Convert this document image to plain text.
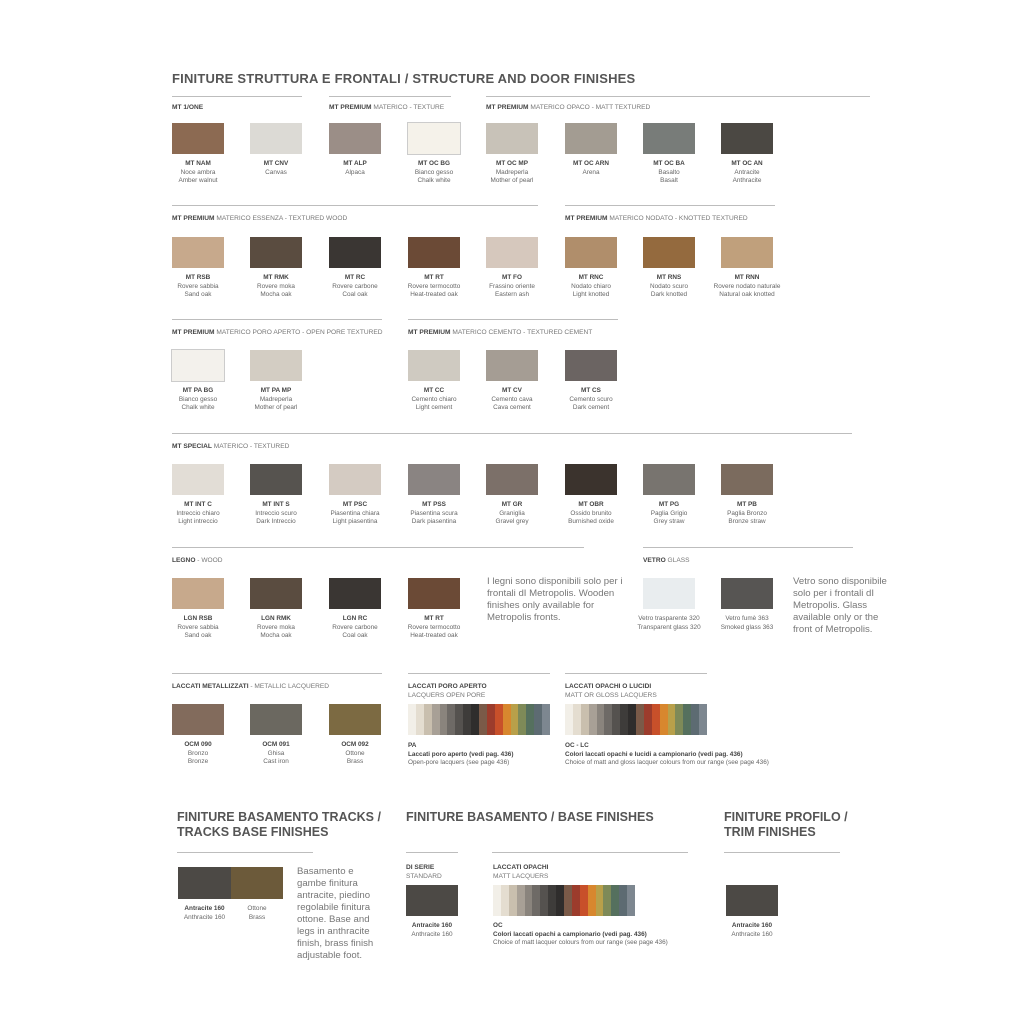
FINITURE STRUTTURA E FRONTALI / STRUCTURE AND DOOR FINISHES
MT 1/ONE	MT PREMIUM MATERICO - TEXTURE	MT PREMIUM MATERICO OPACO - MATT TEXTURED
MT PREMIUM MATERICO ESSENZA - TEXTURED WOOD	MT PREMIUM MATERICO NODATO - KNOTTED TEXTURED
MT PREMIUM MATERICO PORO APERTO - OPEN PORE TEXTURED	MT PREMIUM MATERICO CEMENTO - TEXTURED CEMENT
MT SPECIAL MATERICO - TEXTURED
LEGNO - WOOD	VETRO GLASS
LACCATI METALLIZZATI - METALLIC LACQUERED	LACCATI PORO APERTO
LACQUERS OPEN PORE
LACCATI OPACHI O LUCIDI
MATT OR GLOSS LACQUERS
MT NAM
Noce ambra
Amber walnut
MT CNV
Canvas
MT ALP
Alpaca
MT OC BG
Bianco gesso
Chalk white
MT OC MP
Madreperla
Mother of pearl
MT OC ARN
Arena
MT OC BA
Basalto
Basalt
MT OC AN
Antracite
Anthracite
MT RSB
Rovere sabbia
Sand oak
MT RMK
Rovere moka
Mocha oak
MT RC
Rovere carbone
Coal oak
MT RT
Rovere termocotto
Heat-treated oak
MT FO
Frassino oriente
Eastern ash
MT RNC
Nodato chiaro
Light knotted
MT RNS
Nodato scuro
Dark knotted
MT RNN
Rovere nodato naturale
Natural oak knotted
MT PA BG
Bianco gesso
Chalk white
MT PA MP
Madreperla
Mother of pearl
MT CC
Cemento chiaro
Light cement
MT CV
Cemento cava
Cava cement
MT CS
Cemento scuro
Dark cement
MT INT C
Intreccio chiaro
Light intreccio
MT INT S
Intreccio scuro
Dark Intreccio
MT PSC
Piasentina chiara
Light piasentina
MT PSS
Piasentina scura
Dark piasentina
MT GR
Graniglia
Gravel grey
MT OBR
Ossido brunito
Burnished oxide
MT PG
Paglia Grigio
Grey straw
MT PB
Paglia Bronzo
Bronze straw
LGN RSB
Rovere sabbia
Sand oak
LGN RMK
Rovere moka
Mocha oak
LGN RC
Rovere carbone
Coal oak
MT RT
Rovere termocotto
Heat-treated oak
Vetro trasparente 320
Transparent glass 320
Vetro fumè 363
Smoked glass 363
OCM 090
Bronzo
Bronze
OCM 091
Ghisa
Cast iron
OCM 092
Ottone
Brass
I legni sono disponibili solo per i frontali dI Metropolis. Wooden finishes only available for Metropolis fronts.
Vetro sono disponibile solo per i frontali dI Metropolis. Glass available only or the front of Metropolis.
PA
Laccati poro aperto (vedi pag. 436)
Open-pore lacquers (see page 436)
OC - LC
Colori laccati opachi e lucidi a campionario (vedi pag. 436)
Choice of matt and gloss lacquer colours from our range (see page 436)
FINITURE BASAMENTO TRACKS / TRACKS BASE FINISHES
Antracite 160
Anthracite 160
Ottone
Brass
Basamento e gambe finitura antracite, piedino regolabile finitura ottone. Base and legs in anthracite finish, brass finish adjustable foot.
FINITURE BASAMENTO / BASE FINISHES
DI SERIE
STANDARD
LACCATI OPACHI
MATT LACQUERS
Antracite 160
Anthracite 160
OC
Colori laccati opachi a campionario (vedi pag. 436)
Choice of matt lacquer colours from our range (see page 436)
FINITURE PROFILO / TRIM FINISHES
Antracite 160
Anthracite 160
